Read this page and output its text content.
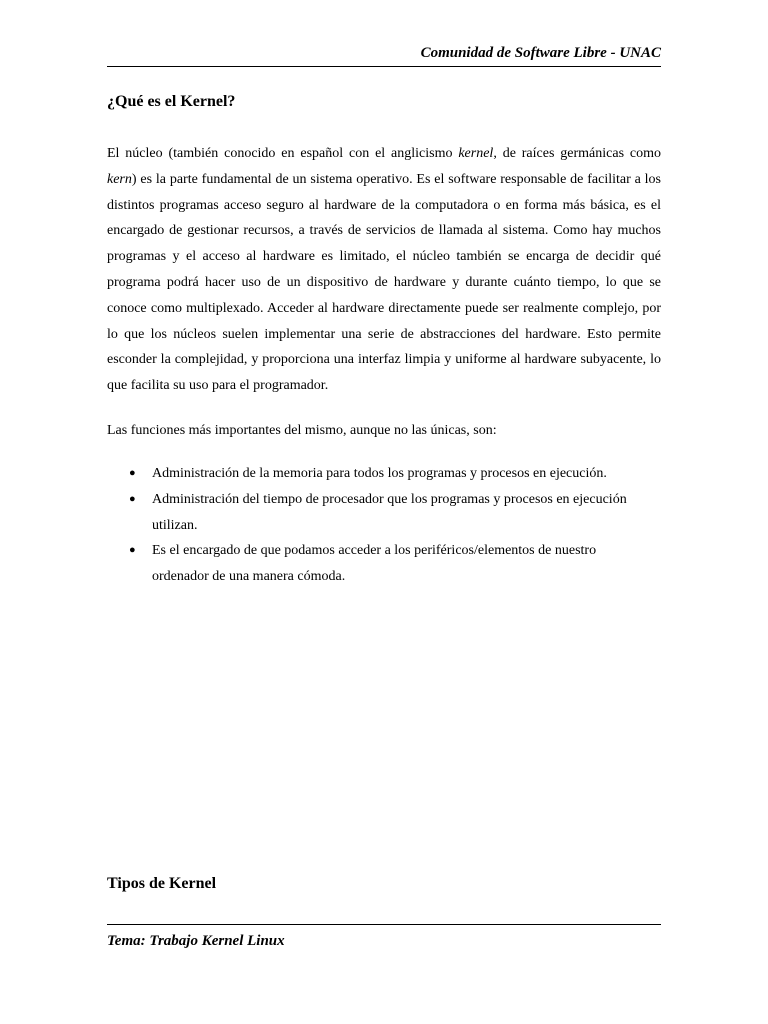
Comunidad de Software Libre - UNAC
¿Qué es el Kernel?

El núcleo (también conocido en español con el anglicismo kernel, de raíces germánicas como kern) es la parte fundamental de un sistema operativo. Es el software responsable de facilitar a los distintos programas acceso seguro al hardware de la computadora o en forma más básica, es el encargado de gestionar recursos, a través de servicios de llamada al sistema. Como hay muchos programas y el acceso al hardware es limitado, el núcleo también se encarga de decidir qué programa podrá hacer uso de un dispositivo de hardware y durante cuánto tiempo, lo que se conoce como multiplexado. Acceder al hardware directamente puede ser realmente complejo, por lo que los núcleos suelen implementar una serie de abstracciones del hardware. Esto permite esconder la complejidad, y proporciona una interfaz limpia y uniforme al hardware subyacente, lo que facilita su uso para el programador.

Las funciones más importantes del mismo, aunque no las únicas, son:

● Administración de la memoria para todos los programas y procesos en ejecución.
● Administración del tiempo de procesador que los programas y procesos en ejecución utilizan.
● Es el encargado de que podamos acceder a los periféricos/elementos de nuestro ordenador de una manera cómoda.
Tipos de Kernel
Tema: Trabajo Kernel Linux
